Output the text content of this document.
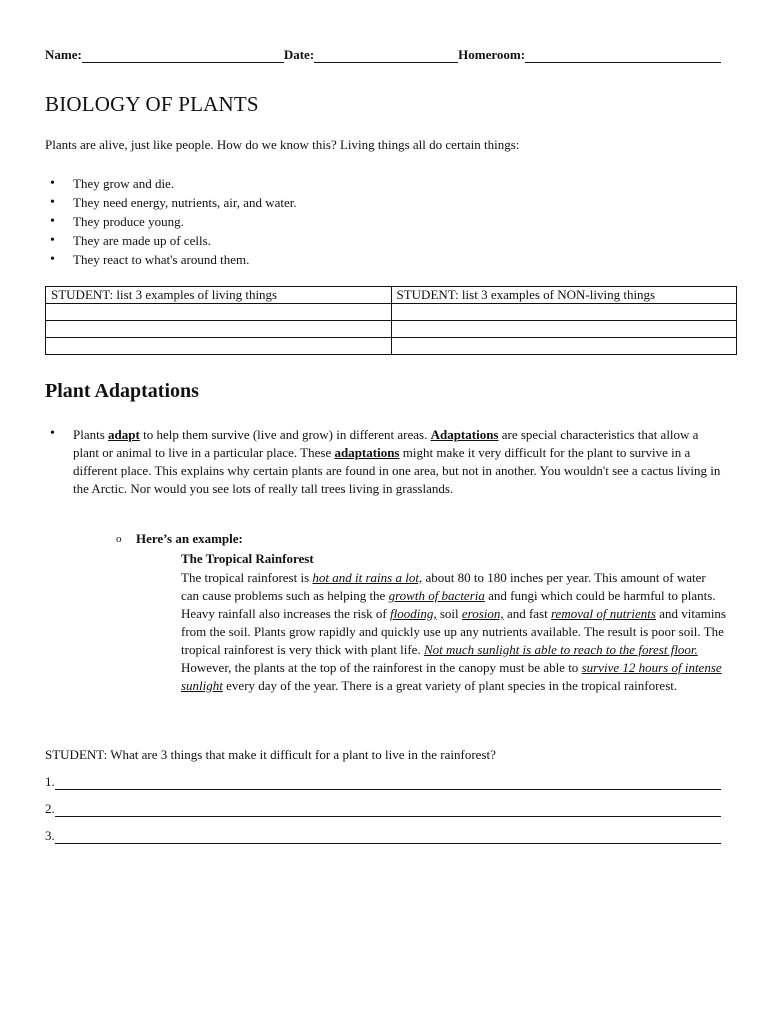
Name:	Date:	Homeroom:
BIOLOGY OF PLANTS

Plants are alive, just like people. How do we know this? Living things all do certain things:

• They grow and die.
• They need energy, nutrients, air, and water.
• They produce young.
• They are made up of cells.
• They react to what's around them.
STUDENT: list 3 examples of living things	STUDENT: list 3 examples of NON-living things

Plant Adaptations
• Plants adapt to help them survive (live and grow) in different areas. Adaptations are special characteristics that allow a plant or animal to live in a particular place. These adaptations might make it very difficult for the plant to survive in a different place. This explains why certain plants are found in one area, but not in another. You wouldn't see a cactus living in the Arctic. Nor would you see lots of really tall trees living in grasslands.

o Here’s an example:
The Tropical Rainforest

The tropical rainforest is hot and it rains a lot, about 80 to 180 inches per year. This amount of water can cause problems such as helping the growth of bacteria and fungi which could be harmful to plants. Heavy rainfall also increases the risk of flooding, soil erosion, and fast removal of nutrients and vitamins from the soil. Plants grow rapidly and quickly use up any nutrients available. The result is poor soil. The tropical rainforest is very thick with plant life. Not much sunlight is able to reach to the forest floor. However, the plants at the top of the rainforest in the canopy must be able to survive 12 hours of intense sunlight every day of the year. There is a great variety of plant species in the tropical rainforest.

STUDENT: What are 3 things that make it difficult for a plant to live in the rainforest?

1.
2.
3.
